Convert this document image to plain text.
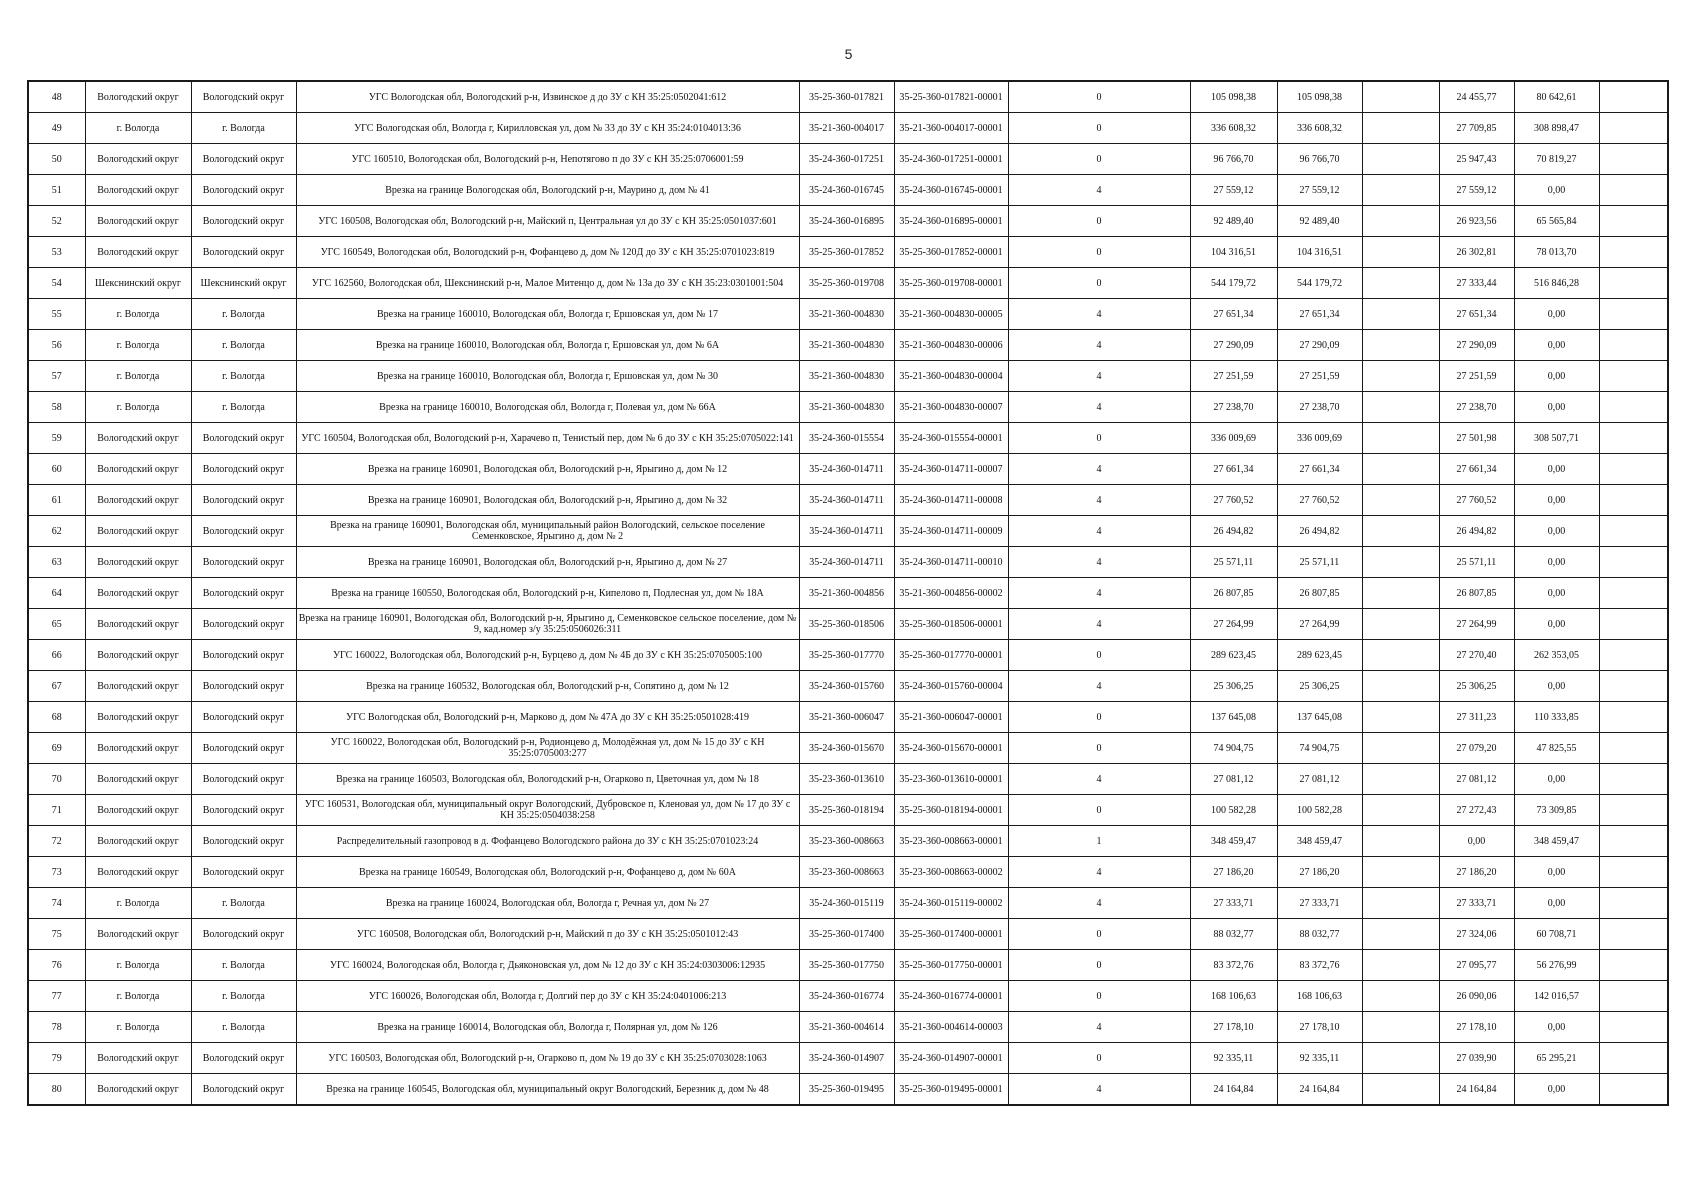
5
48	Вологодский округ	Вологодский округ	УГС Вологодская обл, Вологодский р-н, Извинское д до ЗУ с КН 35:25:0502041:612	35-25-360-017821	35-25-360-017821-00001	0	105 098,38	105 098,38		24 455,77	80 642,61	
49	г. Вологда	г. Вологда	УГС Вологодская обл, Вологда г, Кирилловская ул, дом № 33 до ЗУ с КН 35:24:0104013:36	35-21-360-004017	35-21-360-004017-00001	0	336 608,32	336 608,32		27 709,85	308 898,47	
50	Вологодский округ	Вологодский округ	УГС 160510, Вологодская обл, Вологодский р-н, Непотягово п до ЗУ с КН 35:25:0706001:59	35-24-360-017251	35-24-360-017251-00001	0	96 766,70	96 766,70		25 947,43	70 819,27	
51	Вологодский округ	Вологодский округ	Врезка на границе Вологодская обл, Вологодский р-н, Маурино д, дом № 41	35-24-360-016745	35-24-360-016745-00001	4	27 559,12	27 559,12		27 559,12	0,00	
52	Вологодский округ	Вологодский округ	УГС 160508, Вологодская обл, Вологодский р-н, Майский п, Центральная ул до ЗУ с КН 35:25:0501037:601	35-24-360-016895	35-24-360-016895-00001	0	92 489,40	92 489,40		26 923,56	65 565,84	
53	Вологодский округ	Вологодский округ	УГС 160549, Вологодская обл, Вологодский р-н, Фофанцево д, дом № 120Д до ЗУ с КН 35:25:0701023:819	35-25-360-017852	35-25-360-017852-00001	0	104 316,51	104 316,51		26 302,81	78 013,70	
54	Шекснинский округ	Шекснинский округ	УГС 162560, Вологодская обл, Шекснинский р-н, Малое Митенцо д, дом № 13а до ЗУ с КН 35:23:0301001:504	35-25-360-019708	35-25-360-019708-00001	0	544 179,72	544 179,72		27 333,44	516 846,28	
55	г. Вологда	г. Вологда	Врезка на границе 160010, Вологодская обл, Вологда г, Ершовская ул, дом № 17	35-21-360-004830	35-21-360-004830-00005	4	27 651,34	27 651,34		27 651,34	0,00	
56	г. Вологда	г. Вологда	Врезка на границе 160010, Вологодская обл, Вологда г, Ершовская ул, дом № 6А	35-21-360-004830	35-21-360-004830-00006	4	27 290,09	27 290,09		27 290,09	0,00	
57	г. Вологда	г. Вологда	Врезка на границе 160010, Вологодская обл, Вологда г, Ершовская ул, дом № 30	35-21-360-004830	35-21-360-004830-00004	4	27 251,59	27 251,59		27 251,59	0,00	
58	г. Вологда	г. Вологда	Врезка на границе 160010, Вологодская обл, Вологда г, Полевая ул, дом № 66А	35-21-360-004830	35-21-360-004830-00007	4	27 238,70	27 238,70		27 238,70	0,00	
59	Вологодский округ	Вологодский округ	УГС 160504, Вологодская обл, Вологодский р-н, Харачево п, Тенистый пер, дом № 6 до ЗУ с КН 35:25:0705022:141	35-24-360-015554	35-24-360-015554-00001	0	336 009,69	336 009,69		27 501,98	308 507,71	
60	Вологодский округ	Вологодский округ	Врезка на границе 160901, Вологодская обл, Вологодский р-н, Ярыгино д, дом № 12	35-24-360-014711	35-24-360-014711-00007	4	27 661,34	27 661,34		27 661,34	0,00	
61	Вологодский округ	Вологодский округ	Врезка на границе 160901, Вологодская обл, Вологодский р-н, Ярыгино д, дом № 32	35-24-360-014711	35-24-360-014711-00008	4	27 760,52	27 760,52		27 760,52	0,00	
62	Вологодский округ	Вологодский округ	Врезка на границе 160901, Вологодская обл, муниципальный район Вологодский, сельское поселение Семенковское, Ярыгино д, дом № 2	35-24-360-014711	35-24-360-014711-00009	4	26 494,82	26 494,82		26 494,82	0,00	
63	Вологодский округ	Вологодский округ	Врезка на границе 160901, Вологодская обл, Вологодский р-н, Ярыгино д, дом № 27	35-24-360-014711	35-24-360-014711-00010	4	25 571,11	25 571,11		25 571,11	0,00	
64	Вологодский округ	Вологодский округ	Врезка на границе 160550, Вологодская обл, Вологодский р-н, Кипелово п, Подлесная ул, дом № 18А	35-21-360-004856	35-21-360-004856-00002	4	26 807,85	26 807,85		26 807,85	0,00	
65	Вологодский округ	Вологодский округ	Врезка на границе 160901, Вологодская обл, Вологодский р-н, Ярыгино д, Семенковское сельское поселение, дом № 9, кад.номер з/у 35:25:0506026:311	35-25-360-018506	35-25-360-018506-00001	4	27 264,99	27 264,99		27 264,99	0,00	
66	Вологодский округ	Вологодский округ	УГС 160022, Вологодская обл, Вологодский р-н, Бурцево д, дом № 4Б до ЗУ с КН 35:25:0705005:100	35-25-360-017770	35-25-360-017770-00001	0	289 623,45	289 623,45		27 270,40	262 353,05	
67	Вологодский округ	Вологодский округ	Врезка на границе 160532, Вологодская обл, Вологодский р-н, Сопятино д, дом № 12	35-24-360-015760	35-24-360-015760-00004	4	25 306,25	25 306,25		25 306,25	0,00	
68	Вологодский округ	Вологодский округ	УГС Вологодская обл, Вологодский р-н, Марково д, дом № 47А до ЗУ с КН 35:25:0501028:419	35-21-360-006047	35-21-360-006047-00001	0	137 645,08	137 645,08		27 311,23	110 333,85	
69	Вологодский округ	Вологодский округ	УГС 160022, Вологодская обл, Вологодский р-н, Родионцево д, Молодёжная ул, дом № 15 до ЗУ с КН 35:25:0705003:277	35-24-360-015670	35-24-360-015670-00001	0	74 904,75	74 904,75		27 079,20	47 825,55	
70	Вологодский округ	Вологодский округ	Врезка на границе 160503, Вологодская обл, Вологодский р-н, Огарково п, Цветочная ул, дом № 18	35-23-360-013610	35-23-360-013610-00001	4	27 081,12	27 081,12		27 081,12	0,00	
71	Вологодский округ	Вологодский округ	УГС 160531, Вологодская обл, муниципальный округ Вологодский, Дубровское п, Кленовая ул, дом № 17 до ЗУ с КН 35:25:0504038:258	35-25-360-018194	35-25-360-018194-00001	0	100 582,28	100 582,28		27 272,43	73 309,85	
72	Вологодский округ	Вологодский округ	Распределительный газопровод в д. Фофанцево Вологодского района до ЗУ с КН 35:25:0701023:24	35-23-360-008663	35-23-360-008663-00001	1	348 459,47	348 459,47		0,00	348 459,47	
73	Вологодский округ	Вологодский округ	Врезка на границе 160549, Вологодская обл, Вологодский р-н, Фофанцево д, дом № 60А	35-23-360-008663	35-23-360-008663-00002	4	27 186,20	27 186,20		27 186,20	0,00	
74	г. Вологда	г. Вологда	Врезка на границе 160024, Вологодская обл, Вологда г, Речная ул, дом № 27	35-24-360-015119	35-24-360-015119-00002	4	27 333,71	27 333,71		27 333,71	0,00	
75	Вологодский округ	Вологодский округ	УГС 160508, Вологодская обл, Вологодский р-н, Майский п до ЗУ с КН 35:25:0501012:43	35-25-360-017400	35-25-360-017400-00001	0	88 032,77	88 032,77		27 324,06	60 708,71	
76	г. Вологда	г. Вологда	УГС 160024, Вологодская обл, Вологда г, Дьяконовская ул, дом № 12 до ЗУ с КН 35:24:0303006:12935	35-25-360-017750	35-25-360-017750-00001	0	83 372,76	83 372,76		27 095,77	56 276,99	
77	г. Вологда	г. Вологда	УГС 160026, Вологодская обл, Вологда г, Долгий пер до ЗУ с КН 35:24:0401006:213	35-24-360-016774	35-24-360-016774-00001	0	168 106,63	168 106,63		26 090,06	142 016,57	
78	г. Вологда	г. Вологда	Врезка на границе 160014, Вологодская обл, Вологда г, Полярная ул, дом № 126	35-21-360-004614	35-21-360-004614-00003	4	27 178,10	27 178,10		27 178,10	0,00	
79	Вологодский округ	Вологодский округ	УГС 160503, Вологодская обл, Вологодский р-н, Огарково п, дом № 19 до ЗУ с КН 35:25:0703028:1063	35-24-360-014907	35-24-360-014907-00001	0	92 335,11	92 335,11		27 039,90	65 295,21	
80	Вологодский округ	Вологодский округ	Врезка на границе 160545, Вологодская обл, муниципальный округ Вологодский, Березник д, дом № 48	35-25-360-019495	35-25-360-019495-00001	4	24 164,84	24 164,84		24 164,84	0,00	
